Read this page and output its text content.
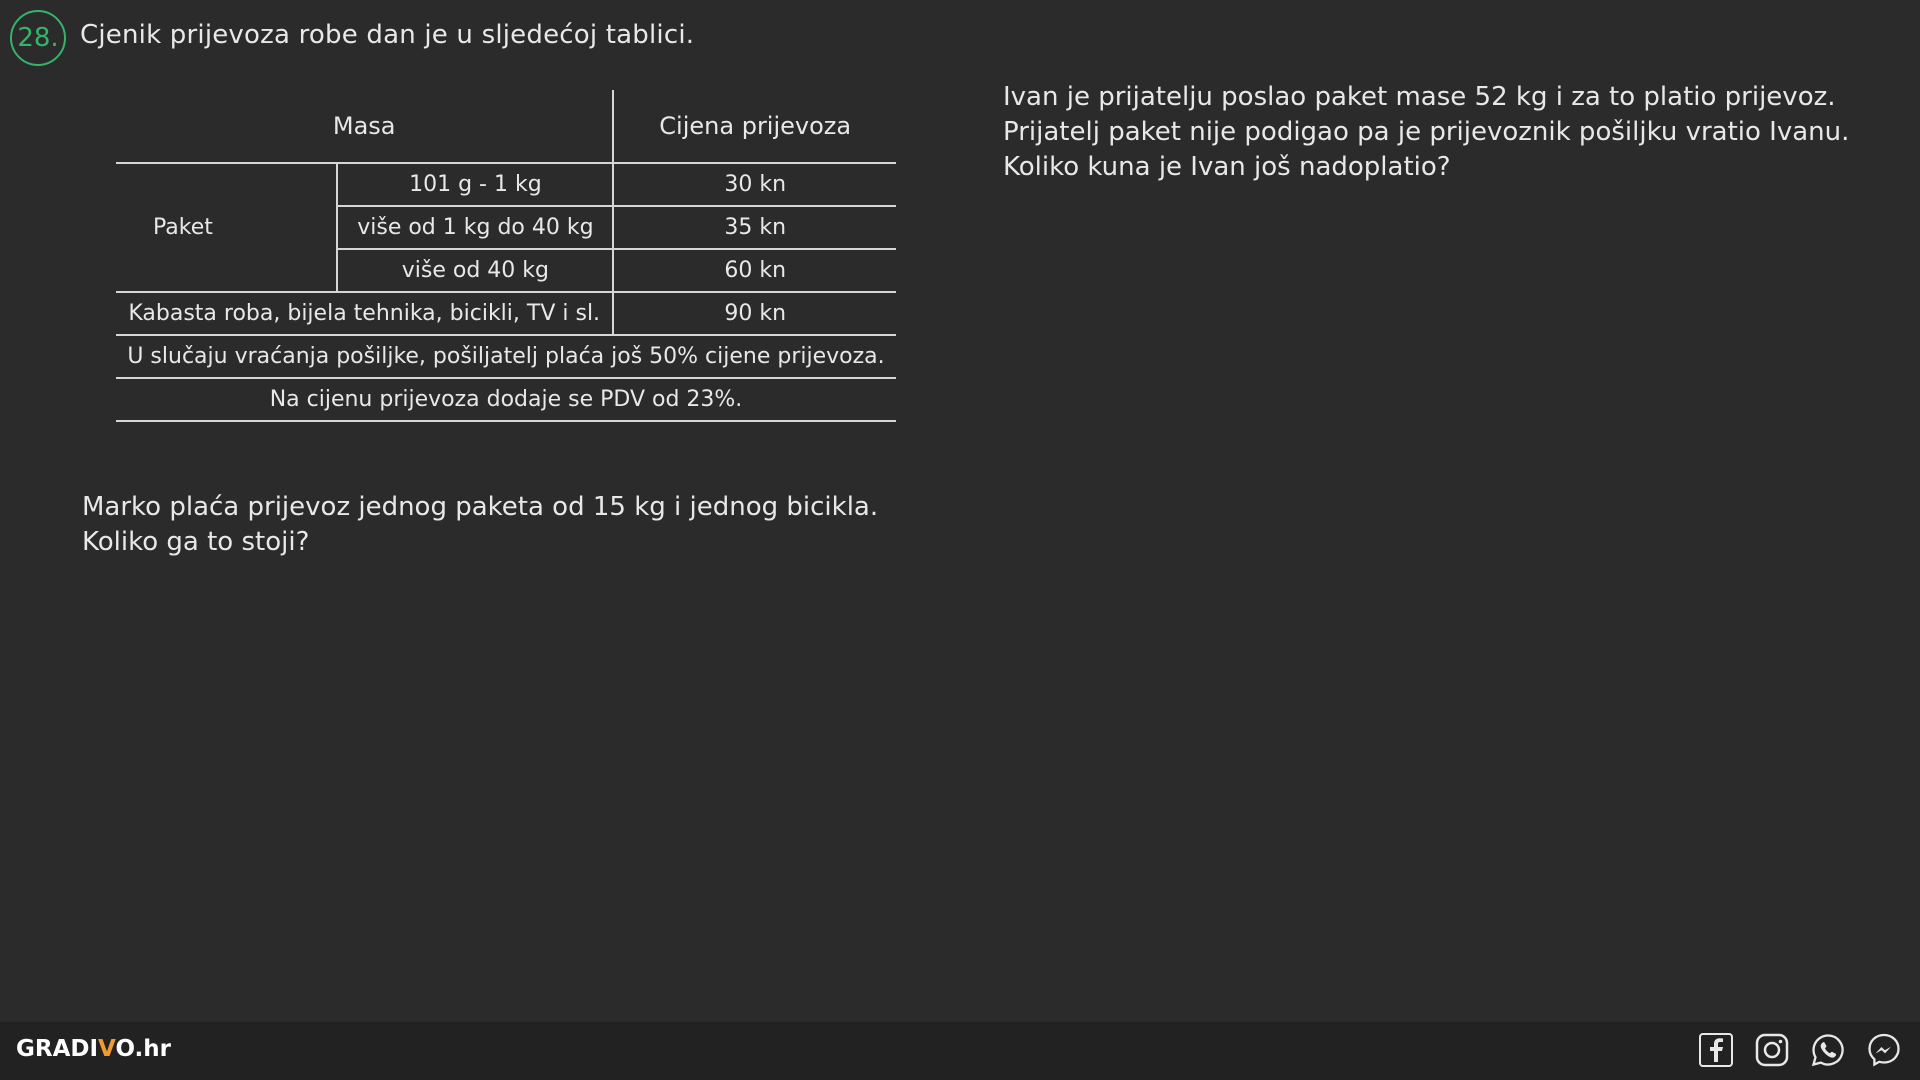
28. Cjenik prijevoza robe dan je u sljedećoj tablici.
Masa		Cijena prijevoza
Paket	101 g - 1 kg	30 kn
	više od 1 kg do 40 kg	35 kn
	više od 40 kg	60 kn
Kabasta roba, bijela tehnika, bicikli, TV i sl.		90 kn
U slučaju vraćanja pošiljke, pošiljatelj plaća još 50% cijene prijevoza.		
Na cijenu prijevoza dodaje se PDV od 23%.		
Ivan je prijatelju poslao paket mase 52 kg i za to platio prijevoz.
Prijatelj paket nije podigao pa je prijevoznik pošiljku vratio Ivanu.
Koliko kuna je Ivan još nadoplatio?
Marko plaća prijevoz jednog paketa od 15 kg i jednog bicikla.
Koliko ga to stoji?
GRADIVO.hr
